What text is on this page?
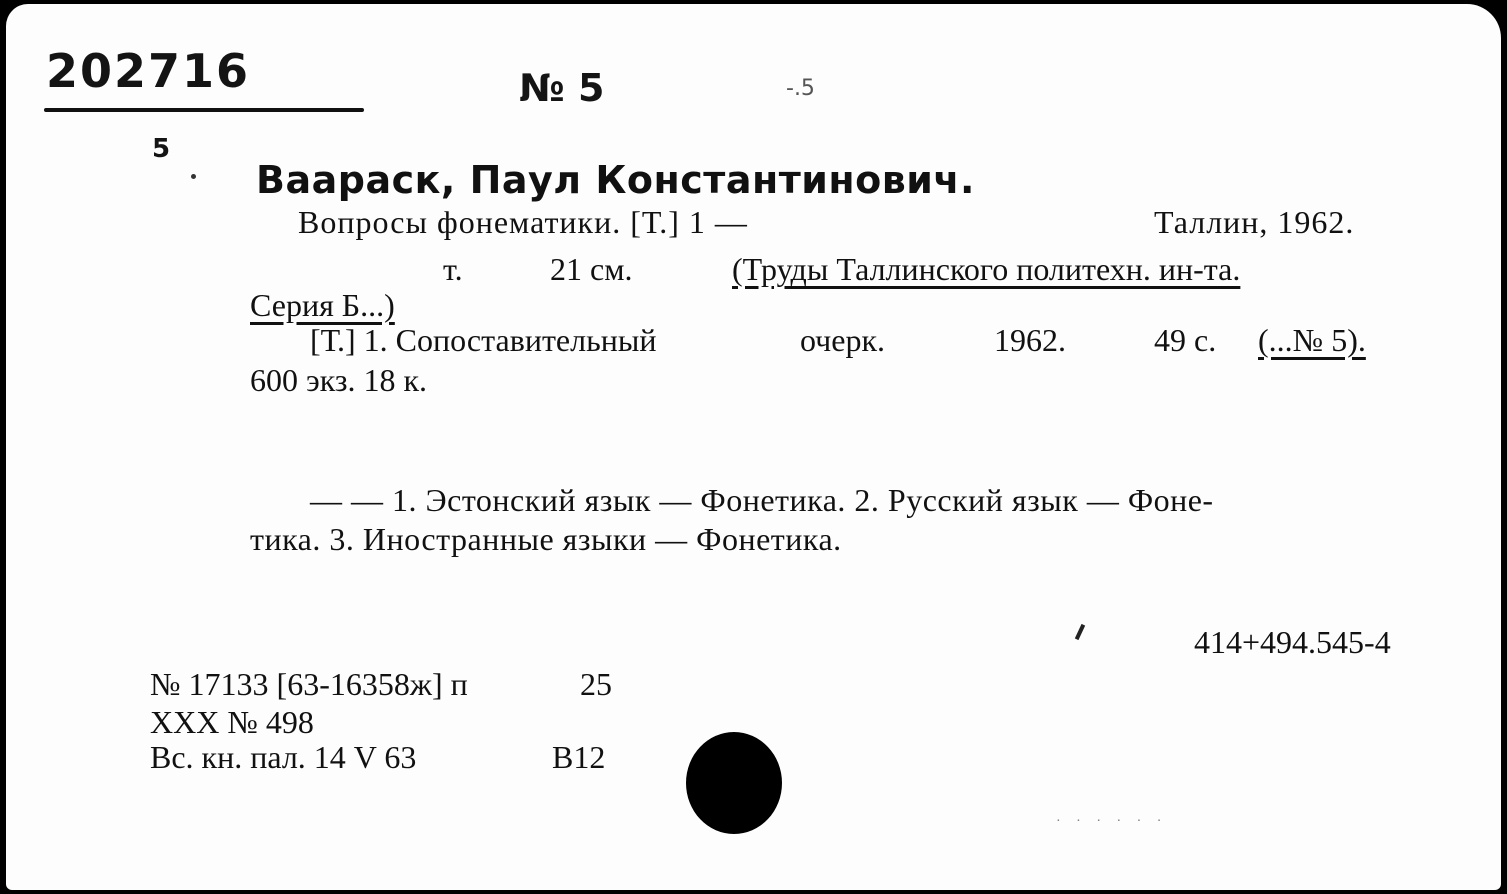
202716	№ 5	-.5
5
Вaараск, Паул Константинович.
Вопросы фонематики. [Т.] 1 —	Таллин, 1962.
т.	21 см.	(Труды Таллинского политехн. ин-та.
Серия Б...)
[Т.] 1. Сопоставительный	очерк.	1962.	49 с. (...№ 5).
600 экз. 18 к.
— — 1. Эстонский язык — Фонетика. 2. Русский язык — Фоне-
тика. 3. Иностранные языки — Фонетика.
414+494.545-4
№ 17133 [63-16358ж] п	25
XXX № 498
Вс. кн. пал. 14 V 63	В12
· · · · · ·
